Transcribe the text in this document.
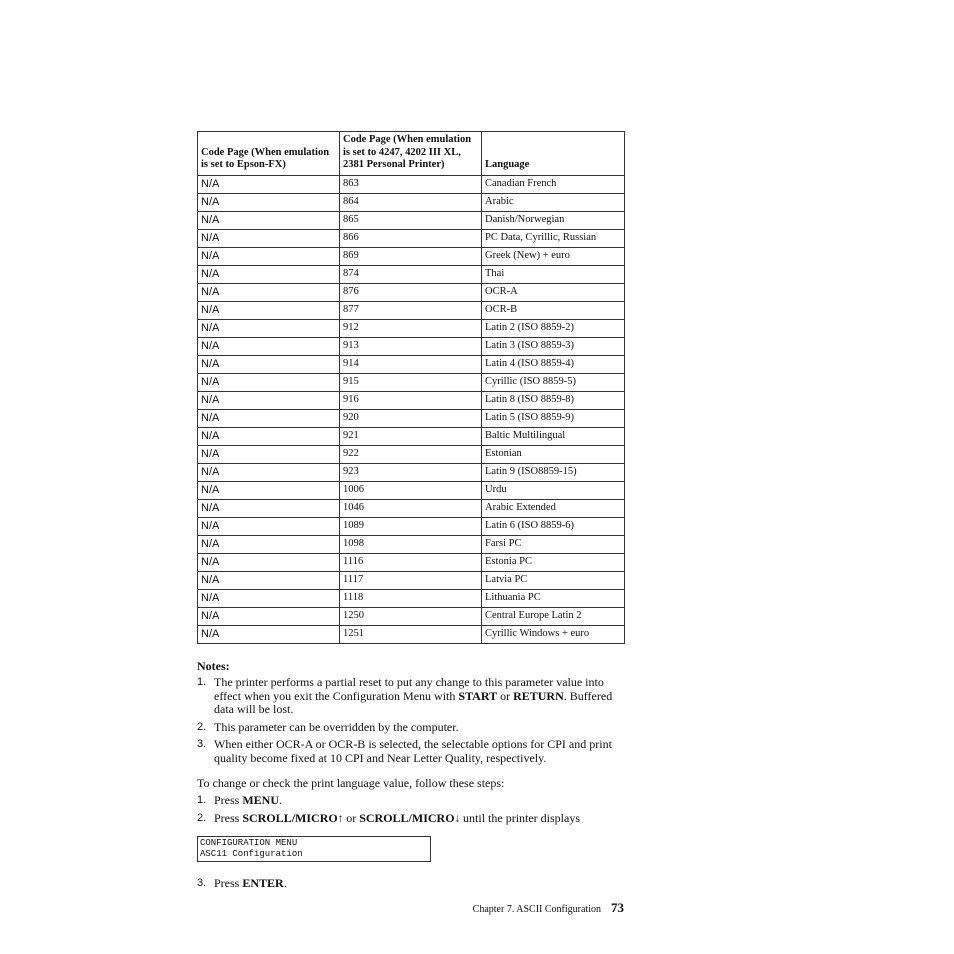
Code Page (When emulation is set to Epson-FX)	Code Page (When emulation is set to 4247, 4202 III XL, 2381 Personal Printer)	Language
N/A	863	Canadian French
N/A	864	Arabic
N/A	865	Danish/Norwegian
N/A	866	PC Data, Cyrillic, Russian
N/A	869	Greek (New) + euro
N/A	874	Thai
N/A	876	OCR-A
N/A	877	OCR-B
N/A	912	Latin 2 (ISO 8859-2)
N/A	913	Latin 3 (ISO 8859-3)
N/A	914	Latin 4 (ISO 8859-4)
N/A	915	Cyrillic (ISO 8859-5)
N/A	916	Latin 8 (ISO 8859-8)
N/A	920	Latin 5 (ISO 8859-9)
N/A	921	Baltic Multilingual
N/A	922	Estonian
N/A	923	Latin 9 (ISO8859-15)
N/A	1006	Urdu
N/A	1046	Arabic Extended
N/A	1089	Latin 6 (ISO 8859-6)
N/A	1098	Farsi PC
N/A	1116	Estonia PC
N/A	1117	Latvia PC
N/A	1118	Lithuania PC
N/A	1250	Central Europe Latin 2
N/A	1251	Cyrillic Windows + euro
Notes:
1. The printer performs a partial reset to put any change to this parameter value into effect when you exit the Configuration Menu with START or RETURN. Buffered data will be lost.
2. This parameter can be overridden by the computer.
3. When either OCR-A or OCR-B is selected, the selectable options for CPI and print quality become fixed at 10 CPI and Near Letter Quality, respectively.
To change or check the print language value, follow these steps:
1. Press MENU.
2. Press SCROLL/MICRO↑ or SCROLL/MICRO↓ until the printer displays
CONFIGURATION MENU
ASC11 Configuration
3. Press ENTER.
Chapter 7. ASCII Configuration 73
